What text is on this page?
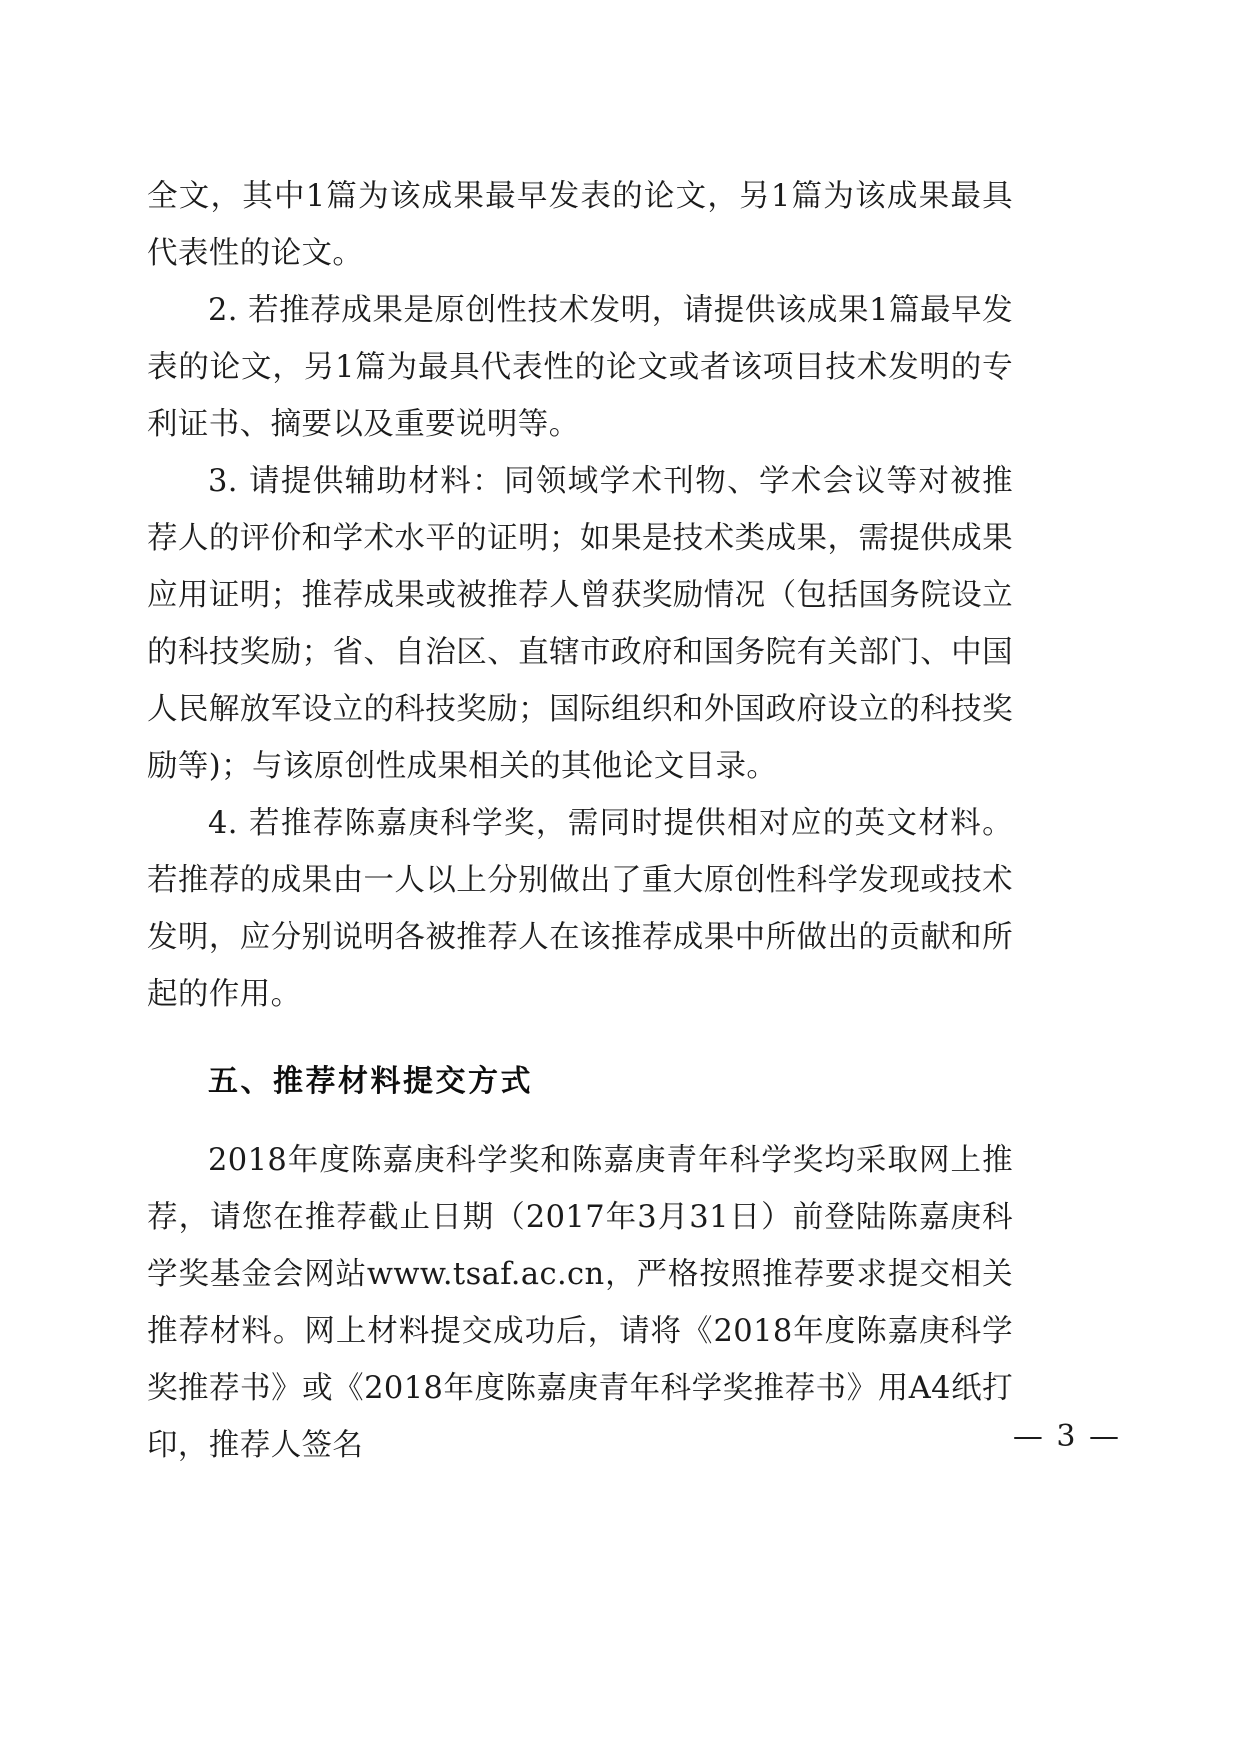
全文，其中1篇为该成果最早发表的论文，另1篇为该成果最具代表性的论文。

2. 若推荐成果是原创性技术发明，请提供该成果1篇最早发表的论文，另1篇为最具代表性的论文或者该项目技术发明的专利证书、摘要以及重要说明等。

3. 请提供辅助材料：同领域学术刊物、学术会议等对被推荐人的评价和学术水平的证明；如果是技术类成果，需提供成果应用证明；推荐成果或被推荐人曾获奖励情况（包括国务院设立的科技奖励；省、自治区、直辖市政府和国务院有关部门、中国人民解放军设立的科技奖励；国际组织和外国政府设立的科技奖励等)；与该原创性成果相关的其他论文目录。

4. 若推荐陈嘉庚科学奖，需同时提供相对应的英文材料。若推荐的成果由一人以上分别做出了重大原创性科学发现或技术发明，应分别说明各被推荐人在该推荐成果中所做出的贡献和所起的作用。

五、推荐材料提交方式

2018年度陈嘉庚科学奖和陈嘉庚青年科学奖均采取网上推荐，请您在推荐截止日期（2017年3月31日）前登陆陈嘉庚科学奖基金会网站www.tsaf.ac.cn，严格按照推荐要求提交相关推荐材料。网上材料提交成功后，请将《2018年度陈嘉庚科学奖推荐书》或《2018年度陈嘉庚青年科学奖推荐书》用A4纸打印，推荐人签名	— 3 —
